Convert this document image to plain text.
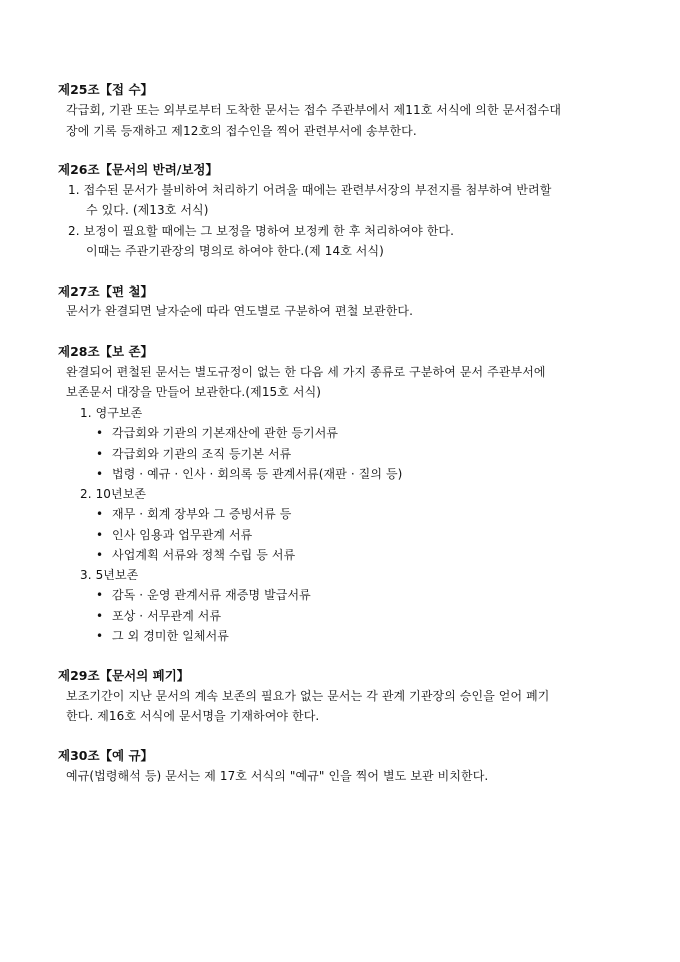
제25조【접 수】
각급회, 기관 또는 외부로부터 도착한 문서는 접수 주관부에서 제11호 서식에 의한 문서접수대
장에 기록 등재하고 제12호의 접수인을 찍어 관련부서에 송부한다.
제26조【문서의 반려/보정】
1. 접수된 문서가 불비하여 처리하기 어려울 때에는 관련부서장의 부전지를 첨부하여 반려할
수 있다. (제13호 서식)
2. 보정이 필요할 때에는 그 보정을 명하여 보정케 한 후 처리하여야 한다.
이때는 주관기관장의 명의로 하여야 한다.(제 14호 서식)
제27조【편 철】
문서가 완결되면 날자순에 따라 연도별로 구분하여 편철 보관한다.
제28조【보 존】
완결되어 편철된 문서는 별도규정이 없는 한 다음 세 가지 종류로 구분하여 문서 주관부서에
보존문서 대장을 만들어 보관한다.(제15호 서식)
1. 영구보존
• 각급회와 기관의 기본재산에 관한 등기서류
• 각급회와 기관의 조직 등기본 서류
• 법령 · 예규 · 인사 · 회의록 등 관계서류(재판 · 질의 등)
2. 10년보존
• 재무 · 회계 장부와 그 증빙서류 등
• 인사 임용과 업무관계 서류
• 사업계획 서류와 정책 수립 등 서류
3. 5년보존
• 감독 · 운영 관계서류 재증명 발급서류
• 포상 · 서무관계 서류
• 그 외 경미한 일체서류
제29조【문서의 폐기】
보조기간이 지난 문서의 계속 보존의 필요가 없는 문서는 각 관계 기관장의 승인을 얻어 폐기
한다. 제16호 서식에 문서명을 기재하여야 한다.
제30조【예 규】
예규(법령해석 등) 문서는 제 17호 서식의 "예규" 인을 찍어 별도 보관 비치한다.
